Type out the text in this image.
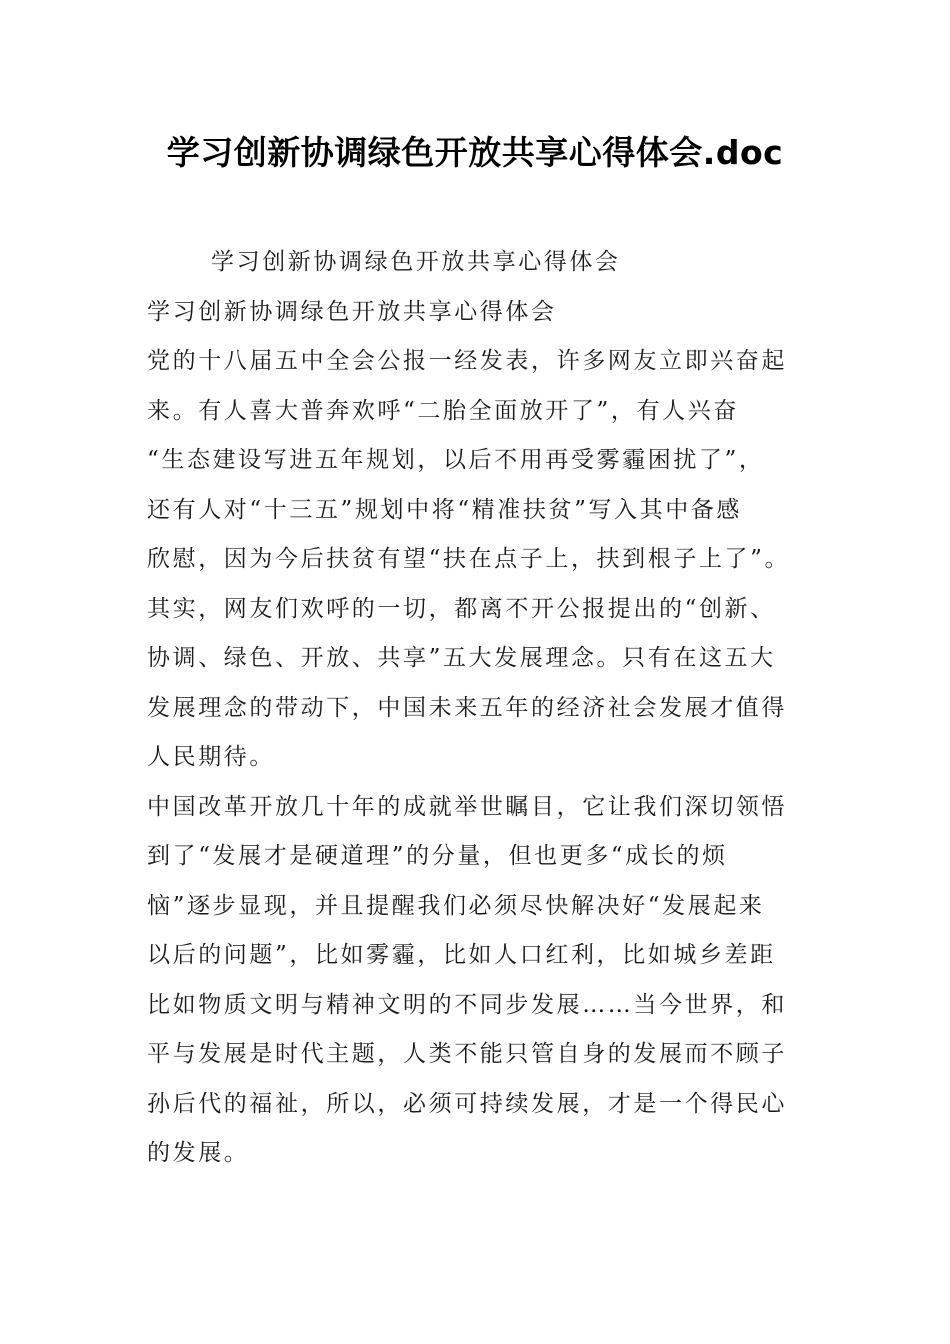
学习创新协调绿色开放共享心得体会.doc
学习创新协调绿色开放共享心得体会
学习创新协调绿色开放共享心得体会
党的十八届五中全会公报一经发表，许多网友立即兴奋起
来。有人喜大普奔欢呼“二胎全面放开了”，有人兴奋
“生态建设写进五年规划，以后不用再受雾霾困扰了”，
还有人对“十三五”规划中将“精准扶贫”写入其中备感
欣慰，因为今后扶贫有望“扶在点子上，扶到根子上了”。
其实，网友们欢呼的一切，都离不开公报提出的“创新、
协调、绿色、开放、共享”五大发展理念。只有在这五大
发展理念的带动下，中国未来五年的经济社会发展才值得
人民期待。
中国改革开放几十年的成就举世瞩目，它让我们深切领悟
到了“发展才是硬道理”的分量，但也更多“成长的烦
恼”逐步显现，并且提醒我们必须尽快解决好“发展起来
以后的问题”，比如雾霾，比如人口红利，比如城乡差距
比如物质文明与精神文明的不同步发展……当今世界，和
平与发展是时代主题，人类不能只管自身的发展而不顾子
孙后代的福祉，所以，必须可持续发展，才是一个得民心
的发展。
